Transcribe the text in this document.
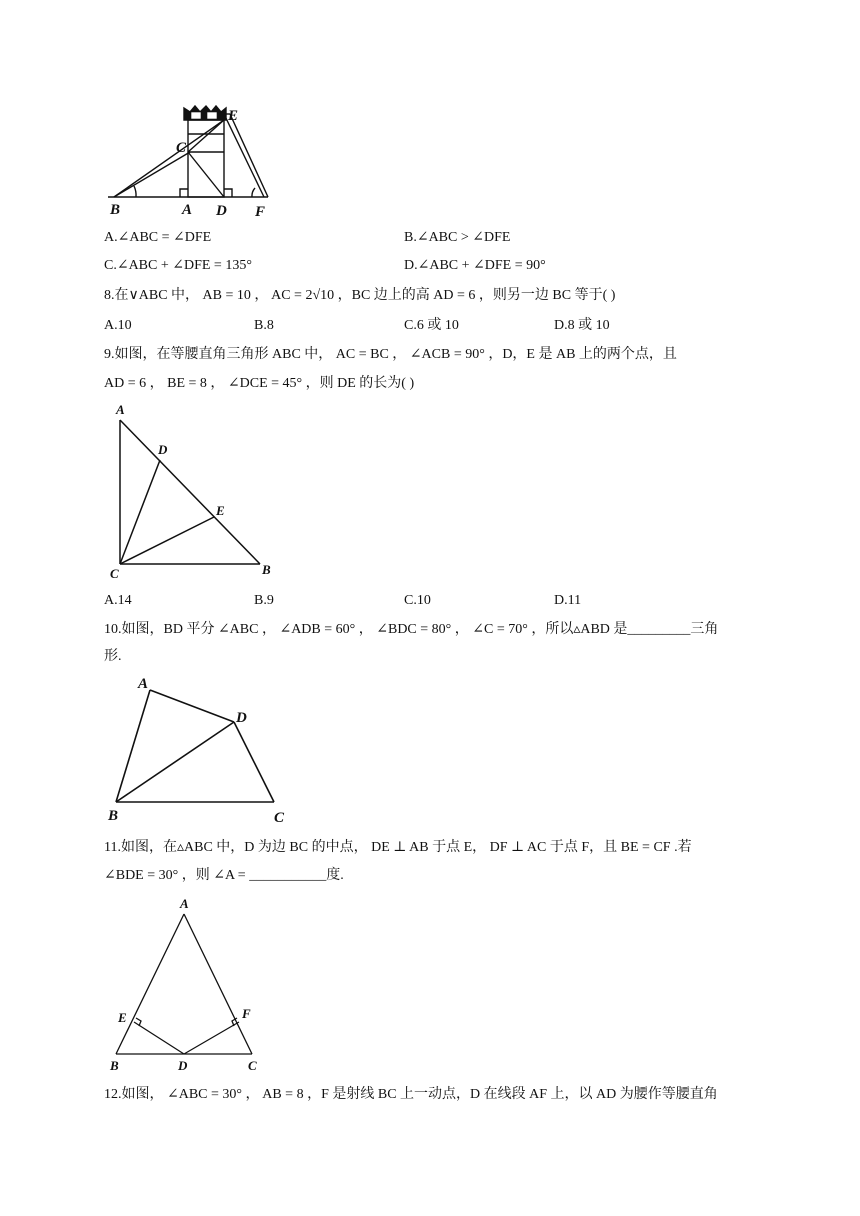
B	A
C
D
E
F
A.∠ABC = ∠DFE	B.∠ABC > ∠DFE
C.∠ABC + ∠DFE = 135°	D.∠ABC + ∠DFE = 90°
8.在∨ABC 中， AB = 10 ， AC = 2√10 ，BC 边上的高 AD = 6 ，则另一边 BC 等于( )
A.10	B.8	C.6 或 10	D.8 或 10
9.如图，在等腰直角三角形 ABC 中， AC = BC ， ∠ACB = 90° ，D，E 是 AB 上的两个点，且
AD = 6 ， BE = 8 ， ∠DCE = 45° ，则 DE 的长为( )
A
D
E
C	B
A.14	B.9	C.10	D.11
10.如图，BD 平分 ∠ABC ， ∠ADB = 60° ， ∠BDC = 80° ， ∠C = 70° ，所以▵ABD 是_________三角
形.
A
D
B	C
11.如图，在▵ABC 中，D 为边 BC 的中点， DE ⊥ AB 于点 E， DF ⊥ AC 于点 F，且 BE = CF .若
∠BDE = 30° ，则 ∠A = ___________度.
A
E	F
B	D	C
12.如图， ∠ABC = 30° ， AB = 8 ，F 是射线 BC 上一动点，D 在线段 AF 上，以 AD 为腰作等腰直角
